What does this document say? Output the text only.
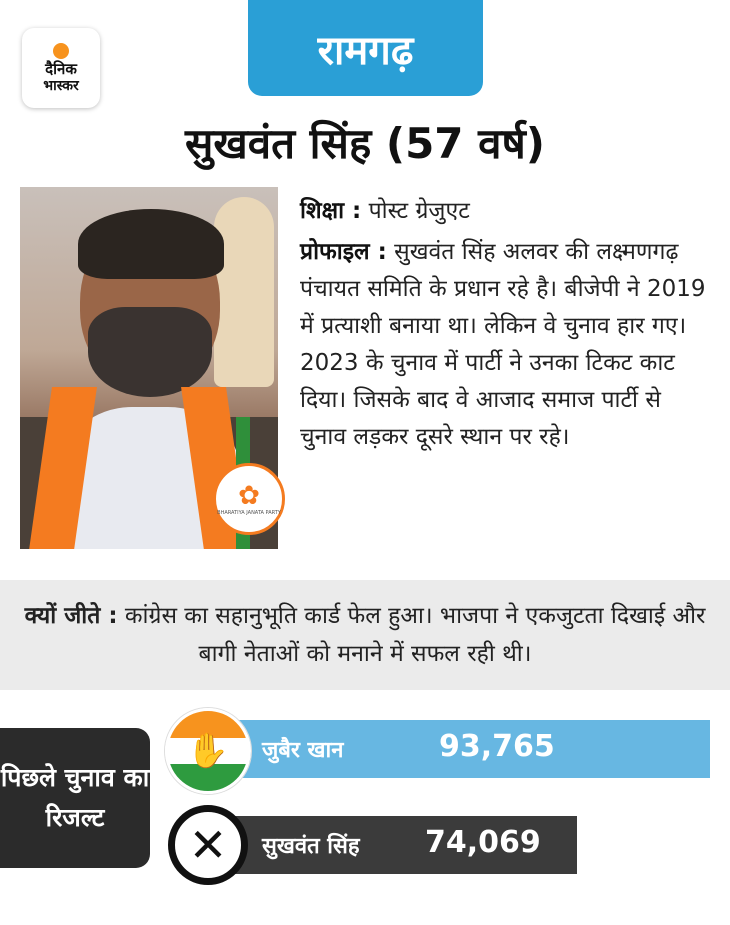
दैनिक
भास्कर
रामगढ़
सुखवंत सिंह (57 वर्ष)
✿
BHARATIYA JANATA PARTY
शिक्षा : पोस्ट ग्रेजुएट
प्रोफाइल : सुखवंत सिंह अलवर की लक्ष्मणगढ़ पंचायत समिति के प्रधान रहे है। बीजेपी ने 2019 में प्रत्याशी बनाया था। लेकिन वे चुनाव हार गए। 2023 के चुनाव में पार्टी ने उनका टिकट काट दिया। जिसके बाद वे आजाद समाज पार्टी से चुनाव लड़कर दूसरे स्थान पर रहे।
क्यों जीते : कांग्रेस का सहानुभूति कार्ड फेल हुआ। भाजपा ने एकजुटता दिखाई और बागी नेताओं को मनाने में सफल रही थी।
पिछले चुनाव का रिजल्ट
जुबैर खान	93,765
✋
सुखवंत सिंह 74,069
✕
